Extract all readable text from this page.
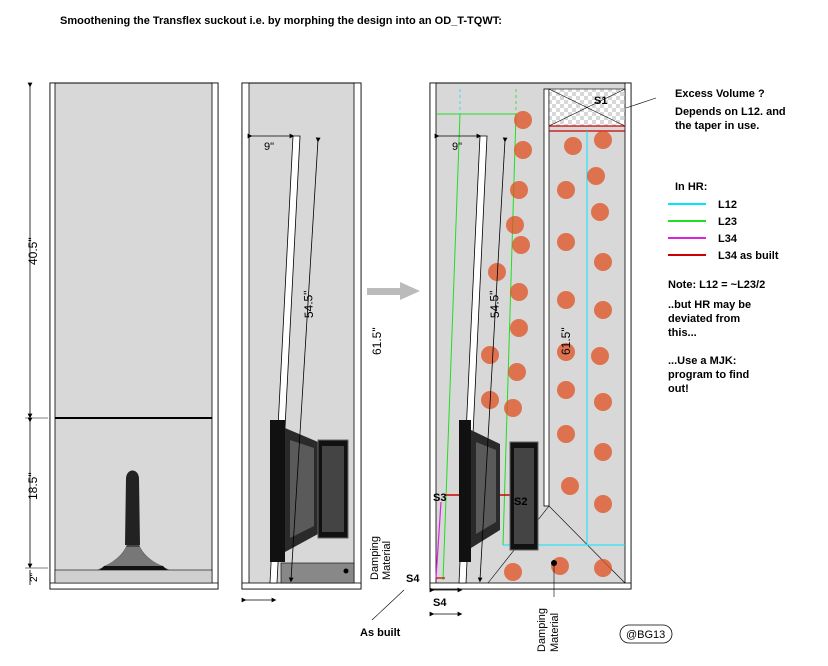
Smoothening the Transflex suckout i.e. by morphing the design into an OD_T-TQWT:
40.5"
18.5"
2"
9"
54.5"
61.5"
Damping Material S4
As built
9"
54.5"
61.5"
S1
S2
S3
S4
Damping Material
Excess Volume ?
Depends on L12. and
the taper in use.
In HR:
L12
L23
L34
L34 as built
Note: L12 = ~L23/2
..but HR may be
deviated from
this...
...Use a MJK:
program to find
out!
@BG13
